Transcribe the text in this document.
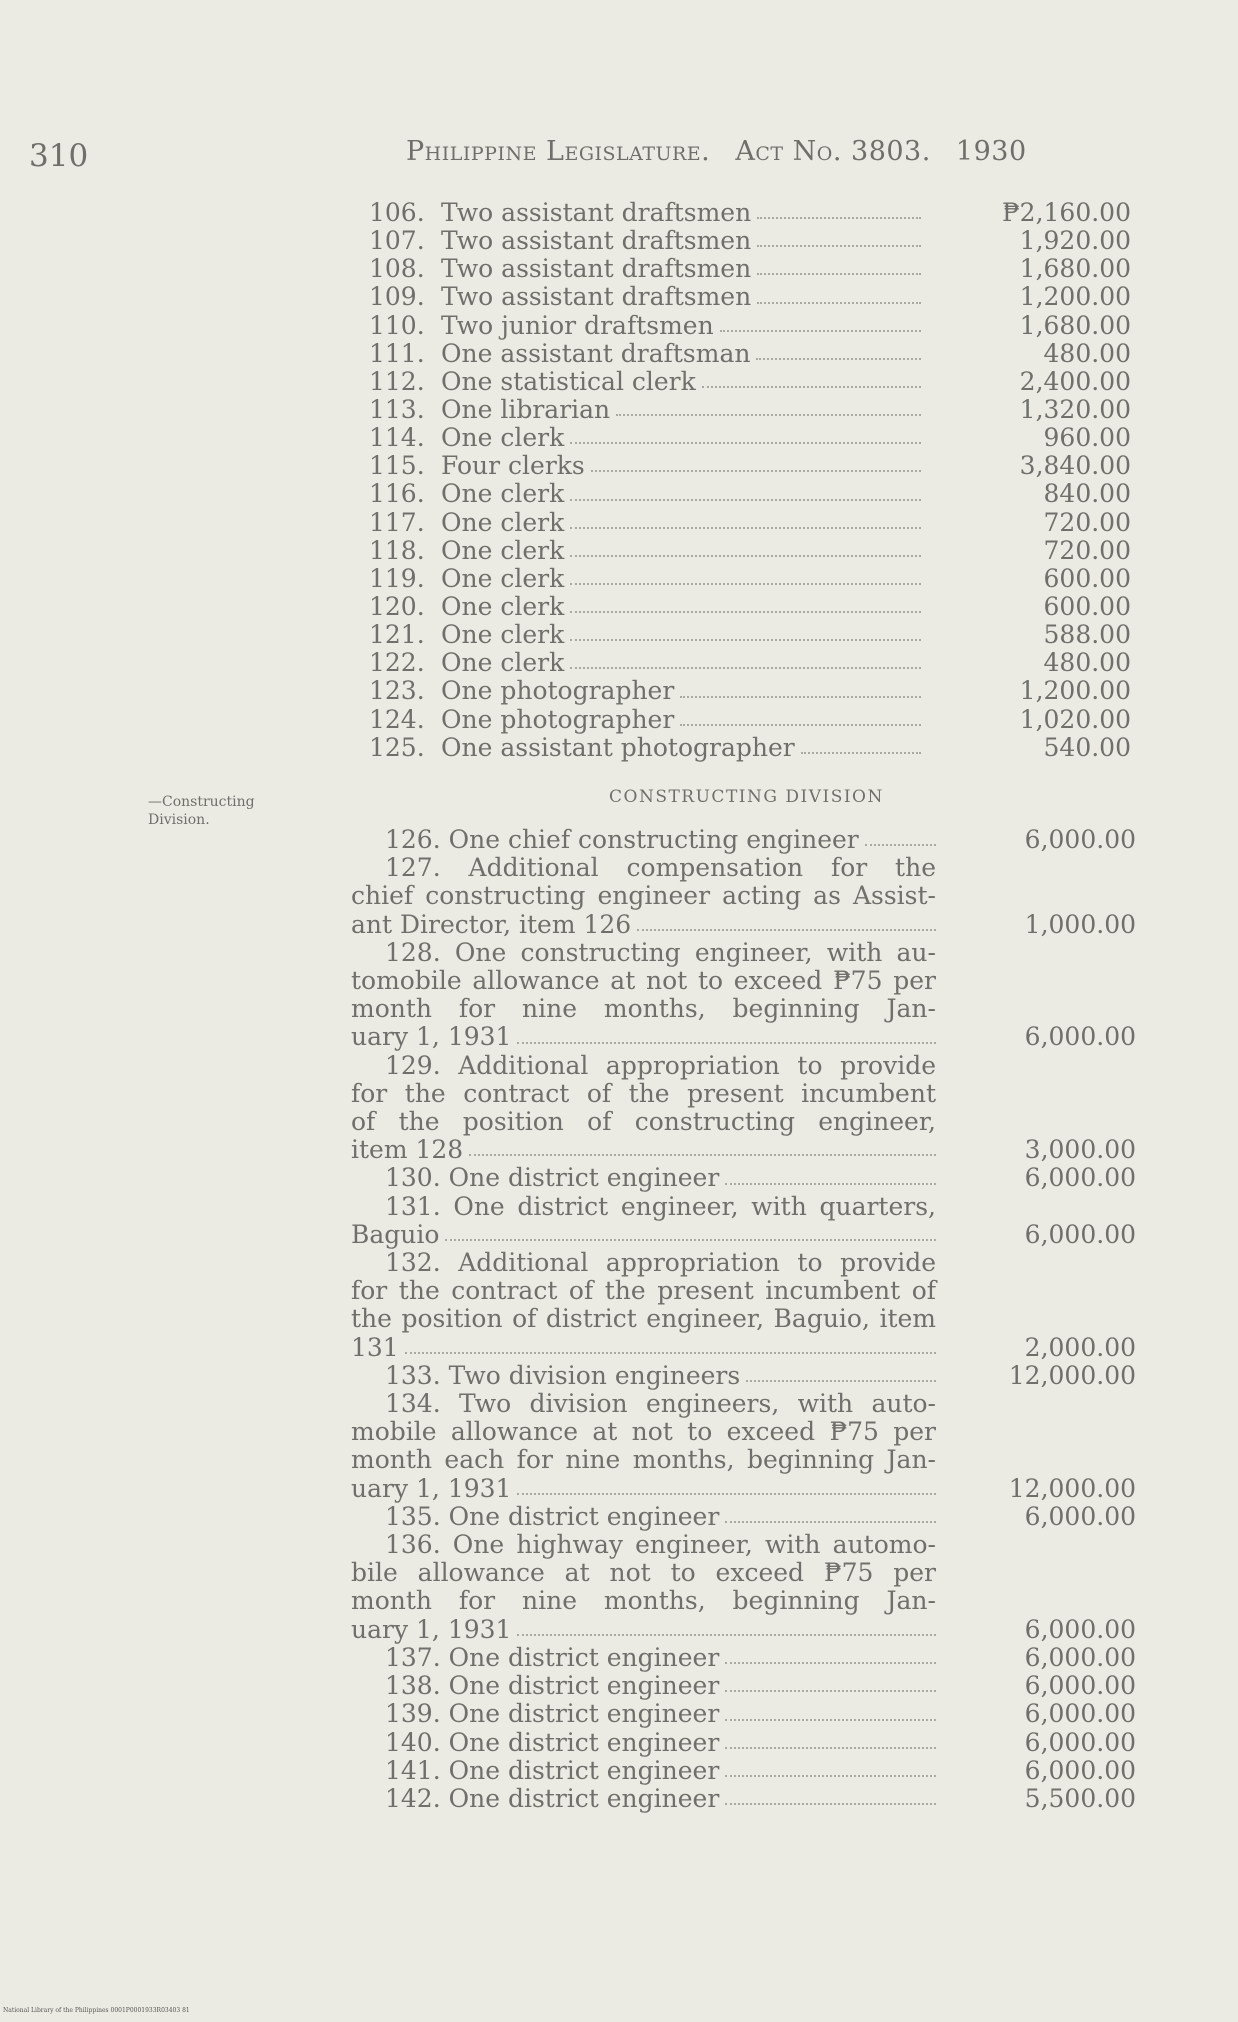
310	Philippine Legislature. Act No. 3803. 1930
106. Two assistant draftsmen	₱2,160.00
107. Two assistant draftsmen	1,920.00
108. Two assistant draftsmen	1,680.00
109. Two assistant draftsmen	1,200.00
110. Two junior draftsmen	1,680.00
111. One assistant draftsman	480.00
112. One statistical clerk	2,400.00
113. One librarian	1,320.00
114. One clerk	960.00
115. Four clerks	3,840.00
116. One clerk	840.00
117. One clerk	720.00
118. One clerk	720.00
119. One clerk	600.00
120. One clerk	600.00
121. One clerk	588.00
122. One clerk	480.00
123. One photographer	1,200.00
124. One photographer	1,020.00
125. One assistant photographer	540.00
—Constructing Division.
CONSTRUCTING DIVISION
126. One chief constructing engineer	6,000.00
127. Additional compensation for the
chief constructing engineer acting as Assist-
ant Director, item 126	1,000.00
128. One constructing engineer, with au-
tomobile allowance at not to exceed ₱75 per
month for nine months, beginning Jan-
uary 1, 1931	6,000.00
129. Additional appropriation to provide
for the contract of the present incumbent
of the position of constructing engineer,
item 128	3,000.00
130. One district engineer	6,000.00
131. One district engineer, with quarters,
Baguio	6,000.00
132. Additional appropriation to provide
for the contract of the present incumbent of
the position of district engineer, Baguio, item
131	2,000.00
133. Two division engineers	12,000.00
134. Two division engineers, with auto-
mobile allowance at not to exceed ₱75 per
month each for nine months, beginning Jan-
uary 1, 1931	12,000.00
135. One district engineer	6,000.00
136. One highway engineer, with automo-
bile allowance at not to exceed ₱75 per
month for nine months, beginning Jan-
uary 1, 1931	6,000.00
137. One district engineer	6,000.00
138. One district engineer	6,000.00
139. One district engineer	6,000.00
140. One district engineer	6,000.00
141. One district engineer	6,000.00
142. One district engineer	5,500.00
National Library of the Philippines 0001P0001933R03403 81
